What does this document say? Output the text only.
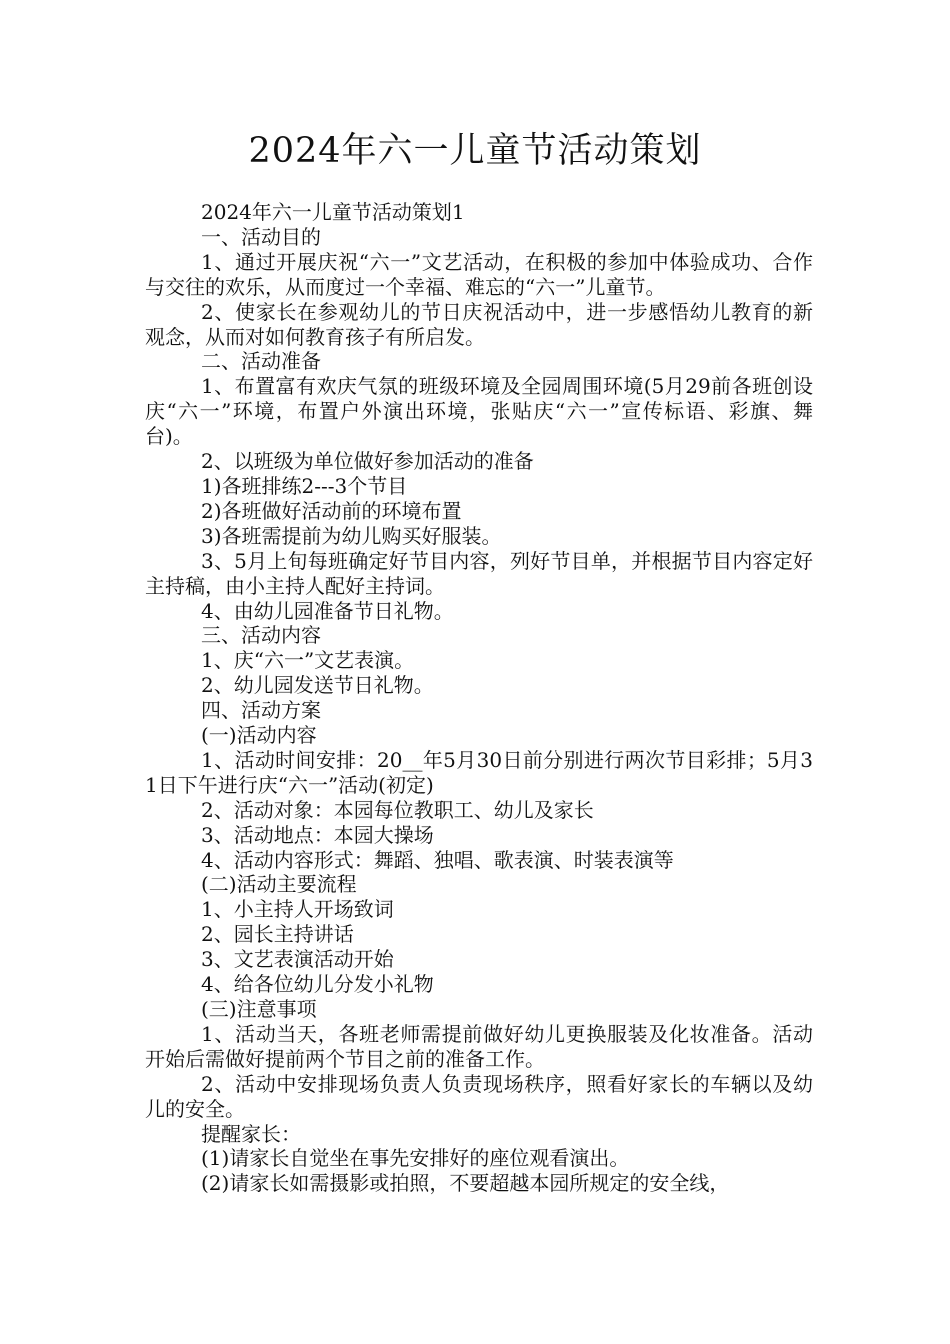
2024年六一儿童节活动策划

2024年六一儿童节活动策划1

一、活动目的

1、通过开展庆祝“六一”文艺活动，在积极的参加中体验成功、合作与交往的欢乐，从而度过一个幸福、难忘的“六一”儿童节。

2、使家长在参观幼儿的节日庆祝活动中，进一步感悟幼儿教育的新观念，从而对如何教育孩子有所启发。

二、活动准备

1、布置富有欢庆气氛的班级环境及全园周围环境(5月29前各班创设庆“六一”环境，布置户外演出环境，张贴庆“六一”宣传标语、彩旗、舞台)。

2、以班级为单位做好参加活动的准备

1)各班排练2---3个节目

2)各班做好活动前的环境布置

3)各班需提前为幼儿购买好服装。

3、5月上旬每班确定好节目内容，列好节目单，并根据节目内容定好主持稿，由小主持人配好主持词。

4、由幼儿园准备节日礼物。

三、活动内容

1、庆“六一”文艺表演。

2、幼儿园发送节日礼物。

四、活动方案

(一)活动内容

1、活动时间安排：20__年5月30日前分别进行两次节目彩排；5月31日下午进行庆“六一”活动(初定)

2、活动对象：本园每位教职工、幼儿及家长

3、活动地点：本园大操场

4、活动内容形式：舞蹈、独唱、歌表演、时装表演等

(二)活动主要流程

1、小主持人开场致词

2、园长主持讲话

3、文艺表演活动开始

4、给各位幼儿分发小礼物

(三)注意事项

1、活动当天，各班老师需提前做好幼儿更换服装及化妆准备。活动开始后需做好提前两个节目之前的准备工作。

2、活动中安排现场负责人负责现场秩序，照看好家长的车辆以及幼儿的安全。

提醒家长：

(1)请家长自觉坐在事先安排好的座位观看演出。

(2)请家长如需摄影或拍照，不要超越本园所规定的安全线，
